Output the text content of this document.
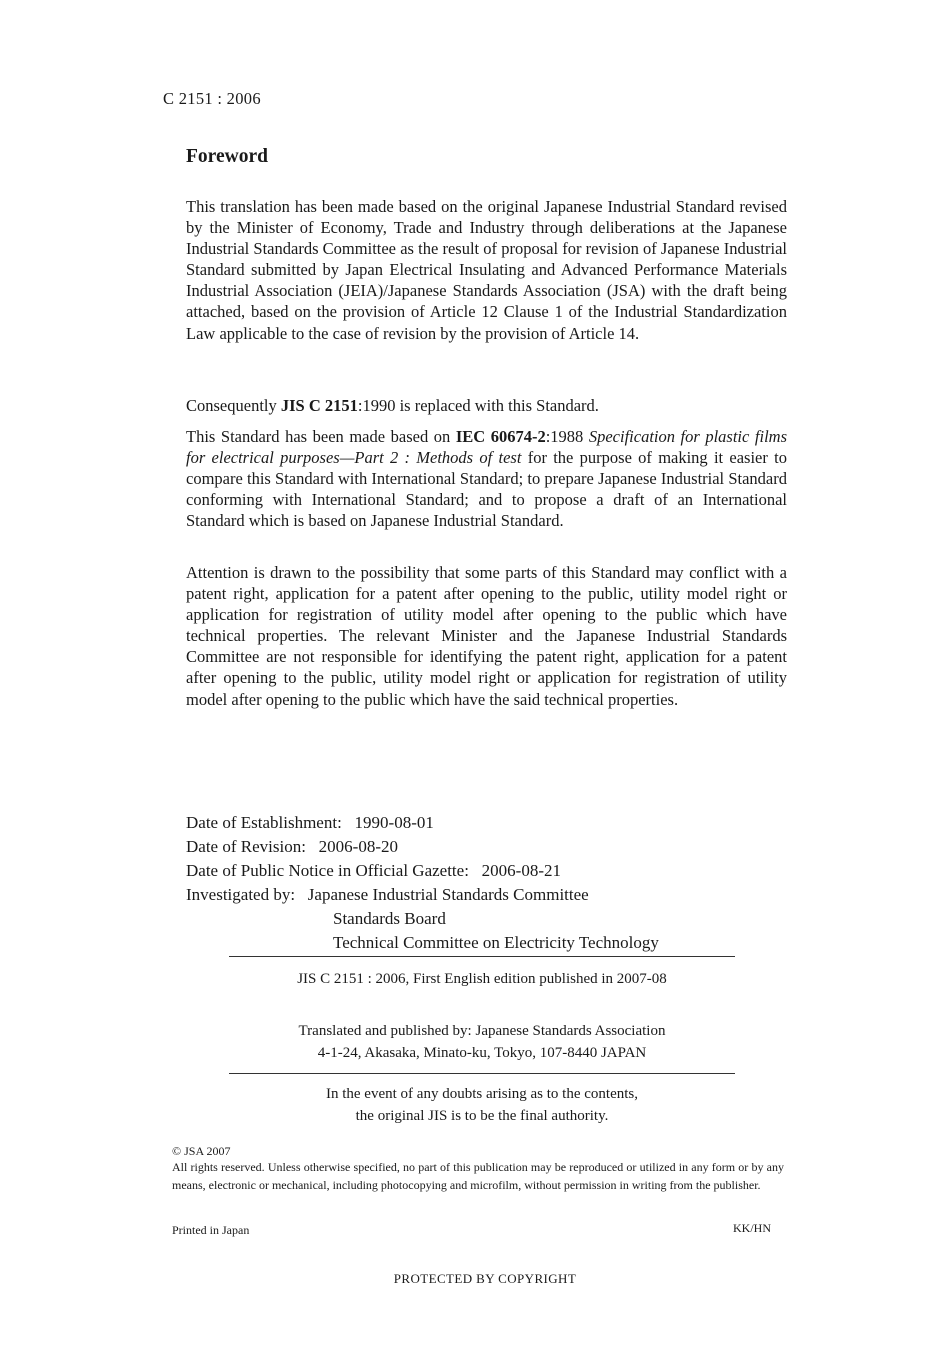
C 2151 : 2006
Foreword
This translation has been made based on the original Japanese Industrial Standard revised by the Minister of Economy, Trade and Industry through deliberations at the Japanese Industrial Standards Committee as the result of proposal for revision of Japanese Industrial Standard submitted by Japan Electrical Insulating and Advanced Performance Materials Industrial Association (JEIA)/Japanese Standards Association (JSA) with the draft being attached, based on the provision of Article 12 Clause 1 of the Industrial Standardization Law applicable to the case of revision by the provision of Article 14.
Consequently JIS C 2151:1990 is replaced with this Standard.
This Standard has been made based on IEC 60674-2:1988 Specification for plastic films for electrical purposes—Part 2 : Methods of test for the purpose of making it easier to compare this Standard with International Standard; to prepare Japanese Industrial Standard conforming with International Standard; and to propose a draft of an International Standard which is based on Japanese Industrial Standard.
Attention is drawn to the possibility that some parts of this Standard may conflict with a patent right, application for a patent after opening to the public, utility model right or application for registration of utility model after opening to the public which have technical properties. The relevant Minister and the Japanese Industrial Standards Committee are not responsible for identifying the patent right, application for a patent after opening to the public, utility model right or application for registration of utility model after opening to the public which have the said technical properties.
Date of Establishment:   1990-08-01
Date of Revision:   2006-08-20
Date of Public Notice in Official Gazette:   2006-08-21
Investigated by:   Japanese Industrial Standards Committee
Standards Board
Technical Committee on Electricity Technology
JIS C 2151 : 2006, First English edition published in 2007-08
Translated and published by: Japanese Standards Association
4-1-24, Akasaka, Minato-ku, Tokyo, 107-8440 JAPAN
In the event of any doubts arising as to the contents,
the original JIS is to be the final authority.
© JSA 2007
All rights reserved. Unless otherwise specified, no part of this publication may be reproduced or utilized in any form or by any means, electronic or mechanical, including photocopying and microfilm, without permission in writing from the publisher.
Printed in Japan	KK/HN
PROTECTED BY COPYRIGHT
